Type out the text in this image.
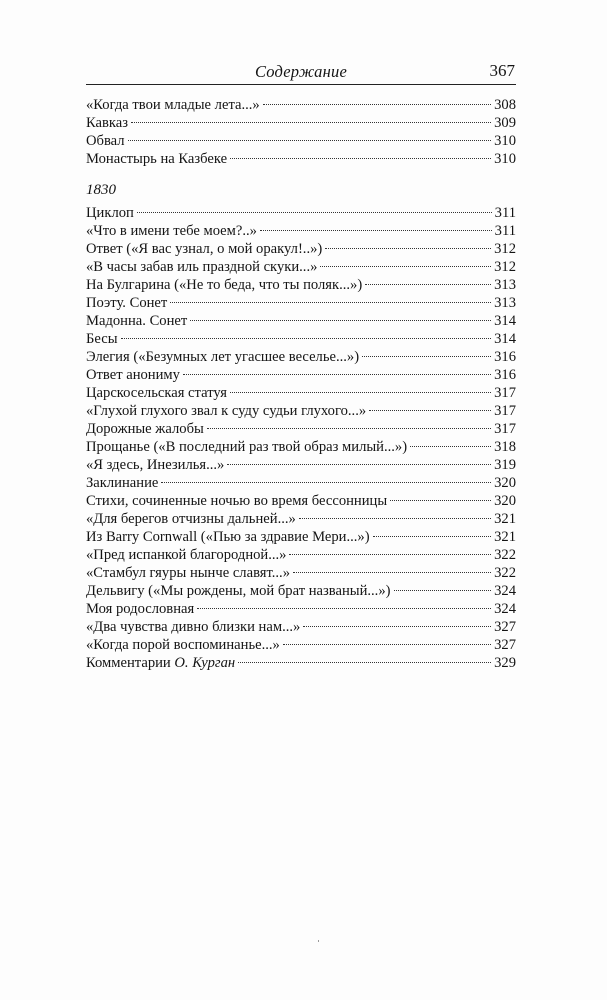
Содержание	367
«Когда твои младые лета...»	308
Кавказ	309
Обвал	310
Монастырь на Казбеке	310
1830
Циклоп	311
«Что в имени тебе моем?..»	311
Ответ («Я вас узнал, о мой оракул!..»)	312
«В часы забав иль праздной скуки...»	312
На Булгарина («Не то беда, что ты поляк...»)	313
Поэту. Сонет	313
Мадонна. Сонет	314
Бесы	314
Элегия («Безумных лет угасшее веселье...»)	316
Ответ анониму	316
Царскосельская статуя	317
«Глухой глухого звал к суду судьи глухого...»	317
Дорожные жалобы	317
Прощанье («В последний раз твой образ милый...»)	318
«Я здесь, Инезилья...»	319
Заклинание	320
Стихи, сочиненные ночью во время бессонницы	320
«Для берегов отчизны дальней...»	321
Из Barry Cornwall («Пью за здравие Мери...»)	321
«Пред испанкой благородной...»	322
«Стамбул гяуры нынче славят...»	322
Дельвигу («Мы рождены, мой брат названый...»)	324
Моя родословная	324
«Два чувства дивно близки нам...»	327
«Когда порой воспоминанье...»	327
Комментарии О. Курган	329
